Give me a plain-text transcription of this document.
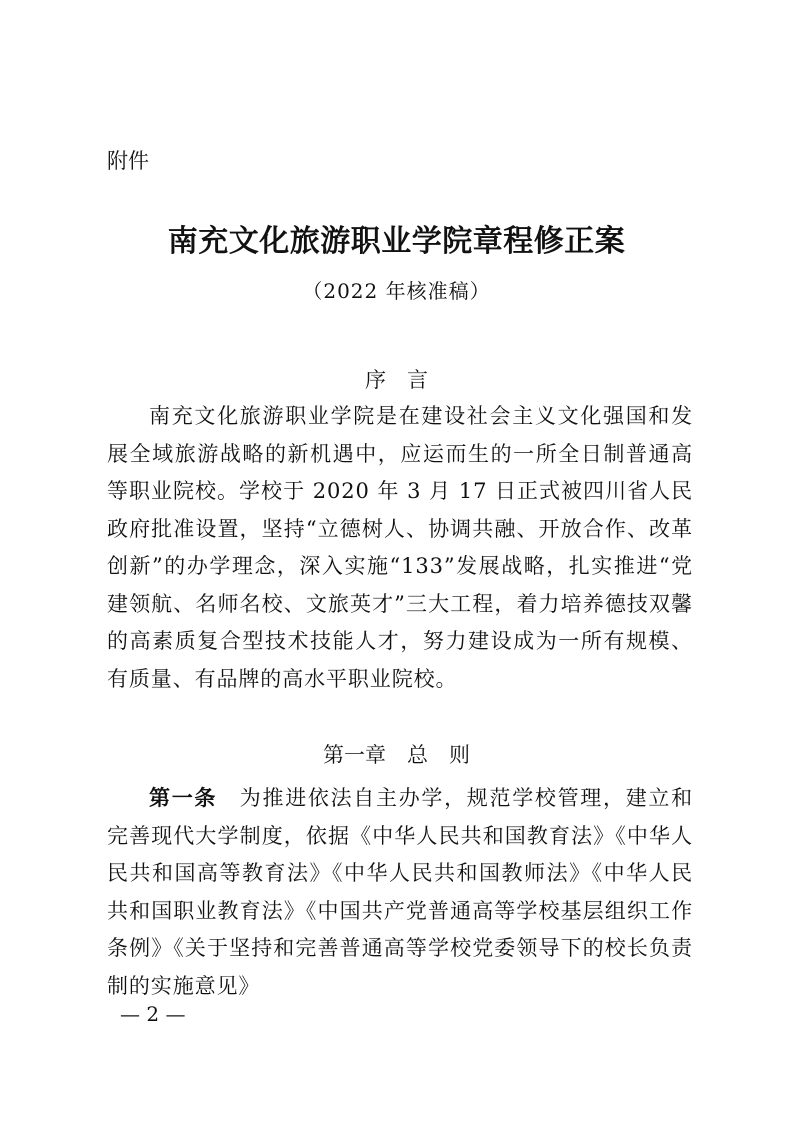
附件
南充文化旅游职业学院章程修正案
（2022 年核准稿）
序　言

南充文化旅游职业学院是在建设社会主义文化强国和发展全域旅游战略的新机遇中，应运而生的一所全日制普通高等职业院校。学校于 2020 年 3 月 17 日正式被四川省人民政府批准设置，坚持“立德树人、协调共融、开放合作、改革创新”的办学理念，深入实施“133”发展战略，扎实推进“党建领航、名师名校、文旅英才”三大工程，着力培养德技双馨的高素质复合型技术技能人才，努力建设成为一所有规模、有质量、有品牌的高水平职业院校。

第一章　总　则

第一条　为推进依法自主办学，规范学校管理，建立和完善现代大学制度，依据《中华人民共和国教育法》《中华人民共和国高等教育法》《中华人民共和国教师法》《中华人民共和国职业教育法》《中国共产党普通高等学校基层组织工作条例》《关于坚持和完善普通高等学校党委领导下的校长负责制的实施意见》

— 2 —
